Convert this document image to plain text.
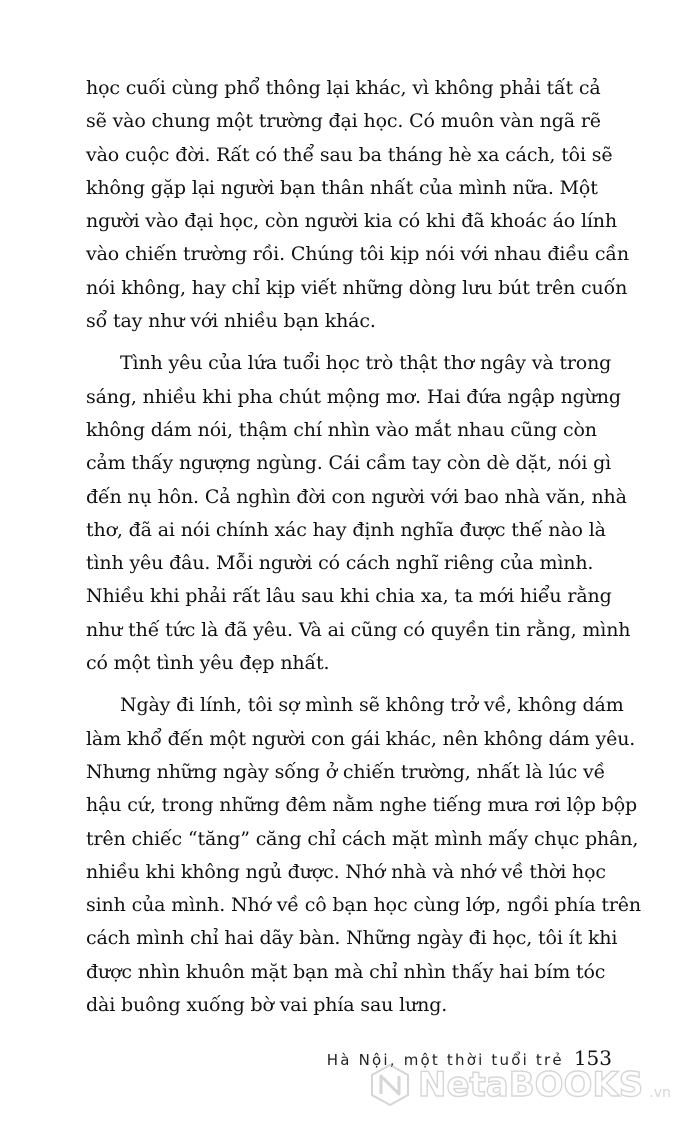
học cuối cùng phổ thông lại khác, vì không phải tất cả
sẽ vào chung một trường đại học. Có muôn vàn ngã rẽ
vào cuộc đời. Rất có thể sau ba tháng hè xa cách, tôi sẽ
không gặp lại người bạn thân nhất của mình nữa. Một
người vào đại học, còn người kia có khi đã khoác áo lính
vào chiến trường rồi. Chúng tôi kịp nói với nhau điều cần
nói không, hay chỉ kịp viết những dòng lưu bút trên cuốn
sổ tay như với nhiều bạn khác.
Tình yêu của lứa tuổi học trò thật thơ ngây và trong
sáng, nhiều khi pha chút mộng mơ. Hai đứa ngập ngừng
không dám nói, thậm chí nhìn vào mắt nhau cũng còn
cảm thấy ngượng ngùng. Cái cầm tay còn dè dặt, nói gì
đến nụ hôn. Cả nghìn đời con người với bao nhà văn, nhà
thơ, đã ai nói chính xác hay định nghĩa được thế nào là
tình yêu đâu. Mỗi người có cách nghĩ riêng của mình.
Nhiều khi phải rất lâu sau khi chia xa, ta mới hiểu rằng
như thế tức là đã yêu. Và ai cũng có quyền tin rằng, mình
có một tình yêu đẹp nhất.
Ngày đi lính, tôi sợ mình sẽ không trở về, không dám
làm khổ đến một người con gái khác, nên không dám yêu.
Nhưng những ngày sống ở chiến trường, nhất là lúc về
hậu cứ, trong những đêm nằm nghe tiếng mưa rơi lộp bộp
trên chiếc “tăng” căng chỉ cách mặt mình mấy chục phân,
nhiều khi không ngủ được. Nhớ nhà và nhớ về thời học
sinh của mình. Nhớ về cô bạn học cùng lớp, ngồi phía trên
cách mình chỉ hai dãy bàn. Những ngày đi học, tôi ít khi
được nhìn khuôn mặt bạn mà chỉ nhìn thấy hai bím tóc
dài buông xuống bờ vai phía sau lưng.
Hà Nội, một thời tuổi trẻ 153
NetaBOOKS .vn
